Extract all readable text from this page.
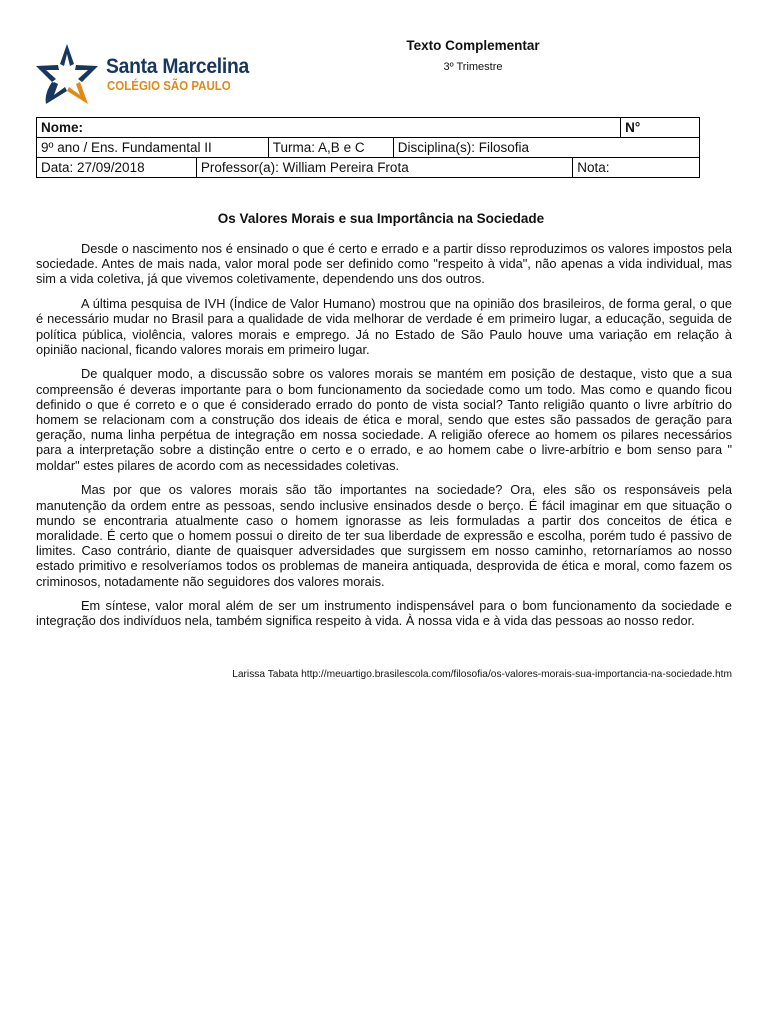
Santa Marcelina
COLÉGIO SÃO PAULO
Texto Complementar
3º Trimestre
Nome:					N°
9º ano / Ens. Fundamental II		Turma: A,B e C	Disciplina(s): Filosofia		
Data: 27/09/2018	Professor(a): William Pereira Frota			Nota:	
Os Valores Morais e sua Importância na Sociedade

Desde o nascimento nos é ensinado o que é certo e errado e a partir disso reproduzimos os valores impostos pela sociedade. Antes de mais nada, valor moral pode ser definido como "respeito à vida", não apenas a vida individual, mas sim a vida coletiva, já que vivemos coletivamente, dependendo uns dos outros.

A última pesquisa de IVH (Índice de Valor Humano) mostrou que na opinião dos brasileiros, de forma geral, o que é necessário mudar no Brasil para a qualidade de vida melhorar de verdade é em primeiro lugar, a educação, seguida de política pública, violência, valores morais e emprego. Já no Estado de São Paulo houve uma variação em relação à opinião nacional, ficando valores morais em primeiro lugar.

De qualquer modo, a discussão sobre os valores morais se mantém em posição de destaque, visto que a sua compreensão é deveras importante para o bom funcionamento da sociedade como um todo. Mas como e quando ficou definido o que é correto e o que é considerado errado do ponto de vista social? Tanto religião quanto o livre arbítrio do homem se relacionam com a construção dos ideais de ética e moral, sendo que estes são passados de geração para geração, numa linha perpétua de integração em nossa sociedade. A religião oferece ao homem os pilares necessários para a interpretação sobre a distinção entre o certo e o errado, e ao homem cabe o livre-arbítrio e bom senso para " moldar" estes pilares de acordo com as necessidades coletivas.

Mas por que os valores morais são tão importantes na sociedade? Ora, eles são os responsáveis pela manutenção da ordem entre as pessoas, sendo inclusive ensinados desde o berço. É fácil imaginar em que situação o mundo se encontraria atualmente caso o homem ignorasse as leis formuladas a partir dos conceitos de ética e moralidade. É certo que o homem possui o direito de ter sua liberdade de expressão e escolha, porém tudo é passivo de limites. Caso contrário, diante de quaisquer adversidades que surgissem em nosso caminho, retornaríamos ao nosso estado primitivo e resolveríamos todos os problemas de maneira antiquada, desprovida de ética e moral, como fazem os criminosos, notadamente não seguidores dos valores morais.

Em síntese, valor moral além de ser um instrumento indispensável para o bom funcionamento da sociedade e integração dos indivíduos nela, também significa respeito à vida. À nossa vida e à vida das pessoas ao nosso redor.

Larissa Tabata http://meuartigo.brasilescola.com/filosofia/os-valores-morais-sua-importancia-na-sociedade.htm
